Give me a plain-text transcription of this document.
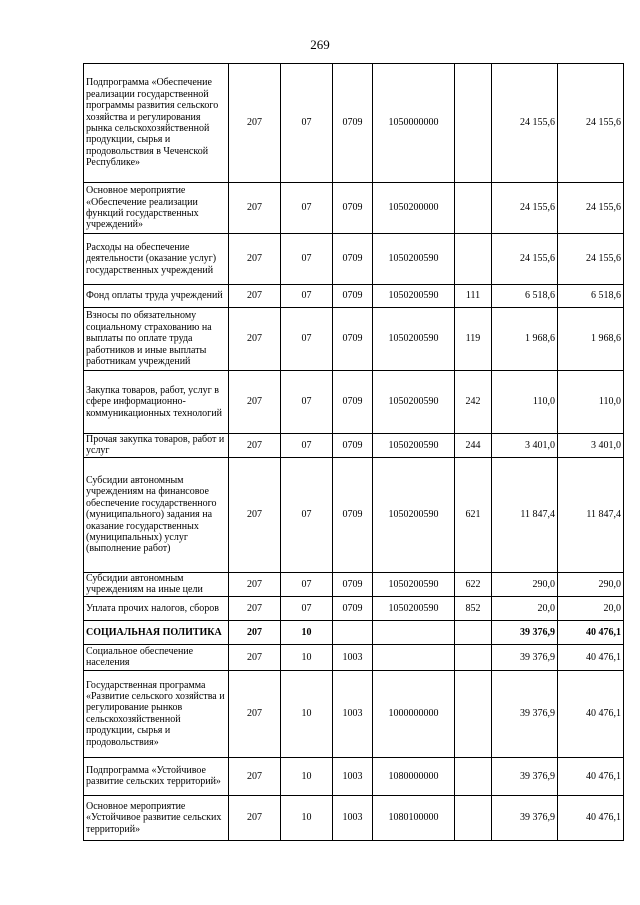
269
Подпрограмма «Обеспечение реализации государственной программы развития сельского хозяйства и регулирования рынка сельскохозяйственной продукции, сырья и продовольствия в Чеченской Республике»	207	07	0709	1050000000		24 155,6	24 155,6
Основное мероприятие «Обеспечение реализации функций государственных учреждений»	207	07	0709	1050200000		24 155,6	24 155,6
Расходы на обеспечение деятельности (оказание услуг) государственных учреждений	207	07	0709	1050200590		24 155,6	24 155,6
Фонд оплаты труда учреждений	207	07	0709	1050200590	111	6 518,6	6 518,6
Взносы по обязательному социальному страхованию на выплаты по оплате труда работников и иные выплаты работникам учреждений	207	07	0709	1050200590	119	1 968,6	1 968,6
Закупка товаров, работ, услуг в сфере информационно-коммуникационных технологий	207	07	0709	1050200590	242	110,0	110,0
Прочая закупка товаров, работ и услуг	207	07	0709	1050200590	244	3 401,0	3 401,0
Субсидии автономным учреждениям на финансовое обеспечение государственного (муниципального) задания на оказание государственных (муниципальных) услуг (выполнение работ)	207	07	0709	1050200590	621	11 847,4	11 847,4
Субсидии автономным учреждениям на иные цели	207	07	0709	1050200590	622	290,0	290,0
Уплата прочих налогов, сборов	207	07	0709	1050200590	852	20,0	20,0
СОЦИАЛЬНАЯ ПОЛИТИКА	207	10				39 376,9	40 476,1
Социальное обеспечение населения	207	10	1003			39 376,9	40 476,1
Государственная программа «Развитие сельского хозяйства и регулирование рынков сельскохозяйственной продукции, сырья и продовольствия»	207	10	1003	1000000000		39 376,9	40 476,1
Подпрограмма «Устойчивое развитие сельских территорий»	207	10	1003	1080000000		39 376,9	40 476,1
Основное мероприятие «Устойчивое развитие сельских территорий»	207	10	1003	1080100000		39 376,9	40 476,1
